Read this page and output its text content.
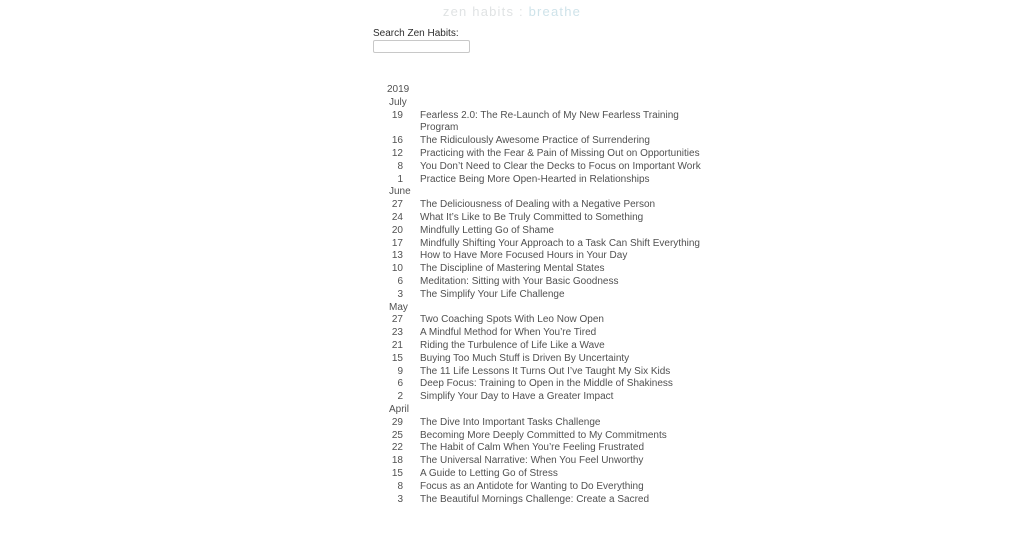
zen habits : breathe
Search Zen Habits:
2019
July
19 Fearless 2.0: The Re-Launch of My New Fearless Training Program
16 The Ridiculously Awesome Practice of Surrendering
12 Practicing with the Fear & Pain of Missing Out on Opportunities
8 You Don’t Need to Clear the Decks to Focus on Important Work
1 Practice Being More Open-Hearted in Relationships
June
27 The Deliciousness of Dealing with a Negative Person
24 What It’s Like to Be Truly Committed to Something
20 Mindfully Letting Go of Shame
17 Mindfully Shifting Your Approach to a Task Can Shift Everything
13 How to Have More Focused Hours in Your Day
10 The Discipline of Mastering Mental States
6 Meditation: Sitting with Your Basic Goodness
3 The Simplify Your Life Challenge
May
27 Two Coaching Spots With Leo Now Open
23 A Mindful Method for When You’re Tired
21 Riding the Turbulence of Life Like a Wave
15 Buying Too Much Stuff is Driven By Uncertainty
9 The 11 Life Lessons It Turns Out I’ve Taught My Six Kids
6 Deep Focus: Training to Open in the Middle of Shakiness
2 Simplify Your Day to Have a Greater Impact
April
29 The Dive Into Important Tasks Challenge
25 Becoming More Deeply Committed to My Commitments
22 The Habit of Calm When You’re Feeling Frustrated
18 The Universal Narrative: When You Feel Unworthy
15 A Guide to Letting Go of Stress
8 Focus as an Antidote for Wanting to Do Everything
3 The Beautiful Mornings Challenge: Create a Sacred
